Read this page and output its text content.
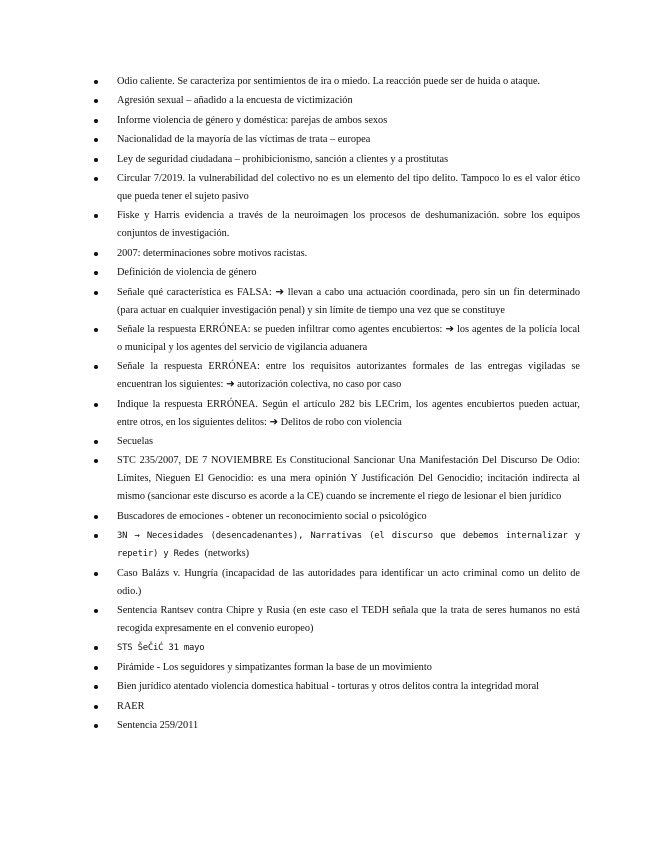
Odio caliente. Se caracteriza por sentimientos de ira o miedo. La reacción puede ser de huida o ataque.
Agresión sexual – añadido a la encuesta de victimización
Informe violencia de género y doméstica: parejas de ambos sexos
Nacionalidad de la mayoría de las víctimas de trata – europea
Ley de seguridad ciudadana – prohibicionismo, sanción a clientes y a prostitutas
Circular 7/2019. la vulnerabilidad del colectivo no es un elemento del tipo delito. Tampoco lo es el valor ético que pueda tener el sujeto pasivo
Fiske y Harris evidencia a través de la neuroimagen los procesos de deshumanización. sobre los equipos conjuntos de investigación.
2007: determinaciones sobre motivos racistas.
Definición de violencia de género
Señale qué característica es FALSA: ➜ llevan a cabo una actuación coordinada, pero sin un fin determinado (para actuar en cualquier investigación penal) y sin límite de tiempo una vez que se constituye
Señale la respuesta ERRÓNEA: se pueden infiltrar como agentes encubiertos: ➜ los agentes de la policía local o municipal y los agentes del servicio de vigilancia aduanera
Señale la respuesta ERRÓNEA: entre los requisitos autorizantes formales de las entregas vigiladas se encuentran los siguientes: ➜ autorización colectiva, no caso por caso
Indique la respuesta ERRÓNEA. Según el artículo 282 bis LECrim, los agentes encubiertos pueden actuar, entre otros, en los siguientes delitos: ➜ Delitos de robo con violencia
Secuelas
STC 235/2007, DE 7 NOVIEMBRE Es Constitucional Sancionar Una Manifestación Del Discurso De Odio: Límites, Nieguen El Genocidio: es una mera opinión Y Justificación Del Genocidio; incitación indirecta al mismo (sancionar este discurso es acorde a la CE) cuando se incremente el riego de lesionar el bien jurídico
Buscadores de emociones - obtener un reconocimiento social o psicológico
3N → Necesidades (desencadenantes), Narrativas (el discurso que debemos internalizar y repetir) y Redes (networks)
Caso Balázs v. Hungría (incapacidad de las autoridades para identificar un acto criminal como un delito de odio.)
Sentencia Rantsev contra Chipre y Rusia (en este caso el TEDH señala que la trata de seres humanos no está recogida expresamente en el convenio europeo)
STS ŠeČiĆ 31 mayo
Pirámide - Los seguidores y simpatizantes forman la base de un movimiento
Bien jurídico atentado violencia domestica habitual - torturas y otros delitos contra la integridad moral
RAER
Sentencia 259/2011
